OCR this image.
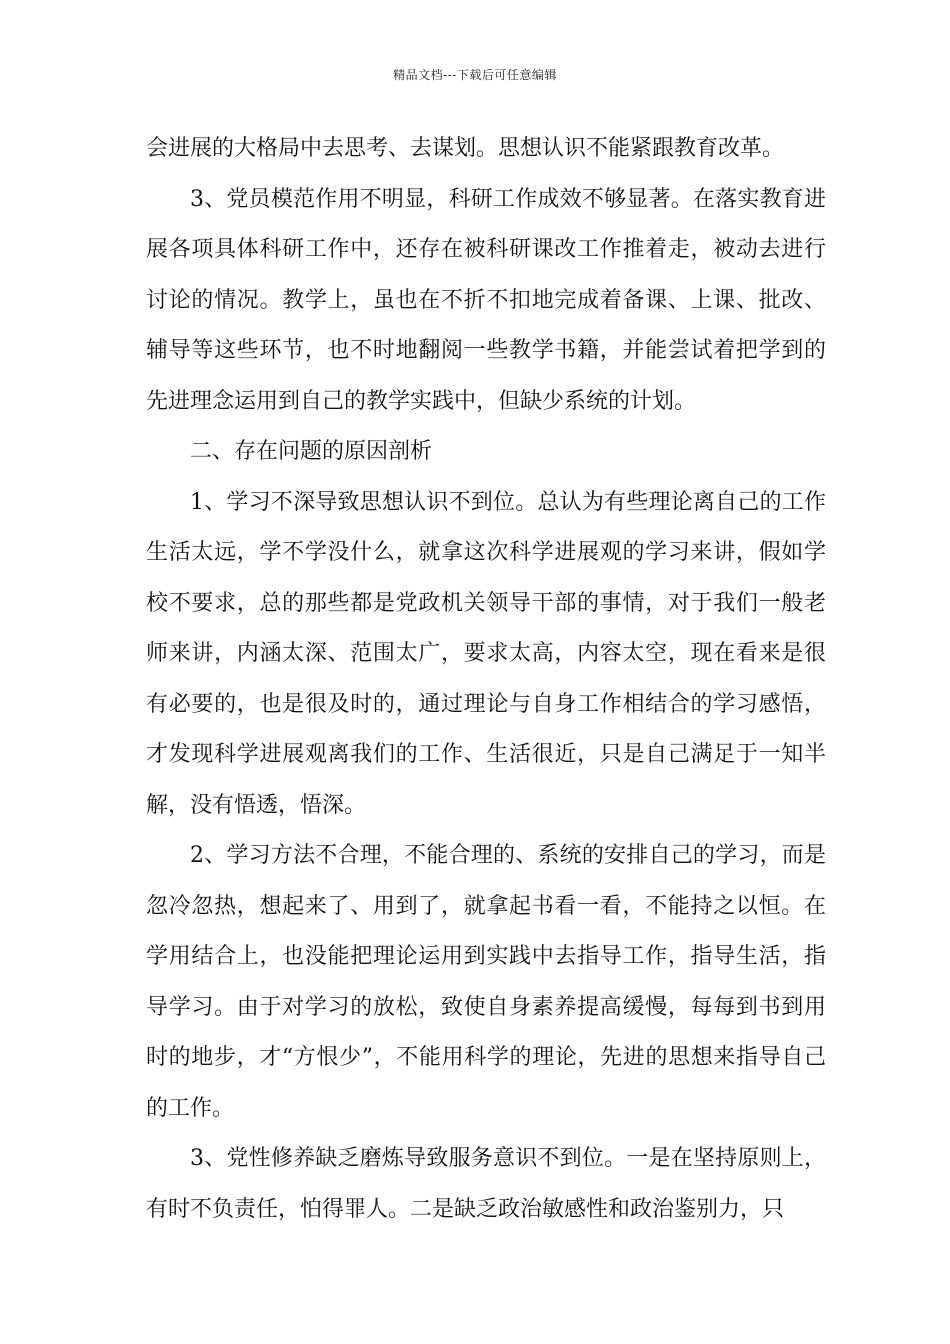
精品文档---下载后可任意编辑

会进展的大格局中去思考、去谋划。思想认识不能紧跟教育改革。

3、党员模范作用不明显，科研工作成效不够显著。在落实教育进展各项具体科研工作中，还存在被科研课改工作推着走，被动去进行讨论的情况。教学上，虽也在不折不扣地完成着备课、上课、批改、辅导等这些环节，也不时地翻阅一些教学书籍，并能尝试着把学到的先进理念运用到自己的教学实践中，但缺少系统的计划。

二、存在问题的原因剖析

1、学习不深导致思想认识不到位。总认为有些理论离自己的工作生活太远，学不学没什么，就拿这次科学进展观的学习来讲，假如学校不要求，总的那些都是党政机关领导干部的事情，对于我们一般老师来讲，内涵太深、范围太广，要求太高，内容太空，现在看来是很有必要的，也是很及时的，通过理论与自身工作相结合的学习感悟，才发现科学进展观离我们的工作、生活很近，只是自己满足于一知半解，没有悟透，悟深。

2、学习方法不合理，不能合理的、系统的安排自己的学习，而是忽冷忽热，想起来了、用到了，就拿起书看一看，不能持之以恒。在学用结合上，也没能把理论运用到实践中去指导工作，指导生活，指导学习。由于对学习的放松，致使自身素养提高缓慢，每每到书到用时的地步，才“方恨少”，不能用科学的理论，先进的思想来指导自己的工作。

3、党性修养缺乏磨炼导致服务意识不到位。一是在坚持原则上，有时不负责任，怕得罪人。二是缺乏政治敏感性和政治鉴别力，只
